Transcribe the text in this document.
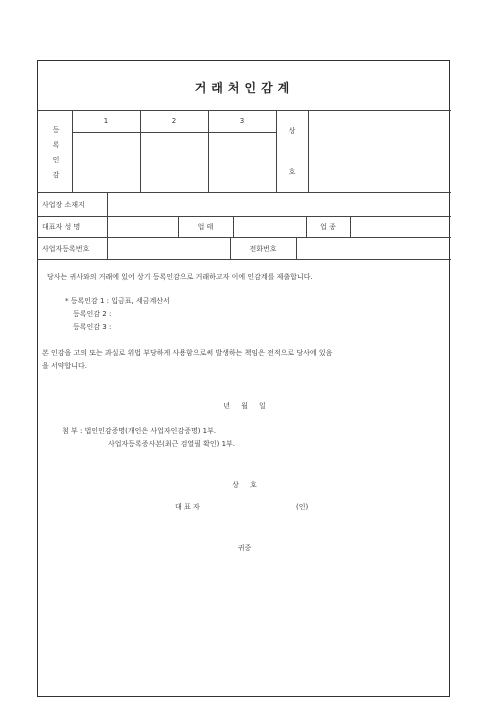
거래처인감계
등
록
인
감
1	2	3
상
호
사업장 소재지
대표자 성 명	업 태	업 종
사업자등록번호	전화번호
당사는 귀사와의 거래에 있어 상기 등록인감으로 거래하고자 이에 인감계를 제출합니다.
* 등록인감 1 : 입금표, 세금계산서
등록인감 2 :
등록인감 3 :
본 인감을 고의 또는 과실로 위법 부당하게 사용함으로써 발생하는 책임은 전적으로 당사에 있음
을 서약합니다.
년     월     일
첨 부 : 법인인감증명(개인은 사업자인감증명) 1부.
사업자등록증사본(최근 검열필 확인) 1부.
상     호
대 표 자	(인)
귀중
